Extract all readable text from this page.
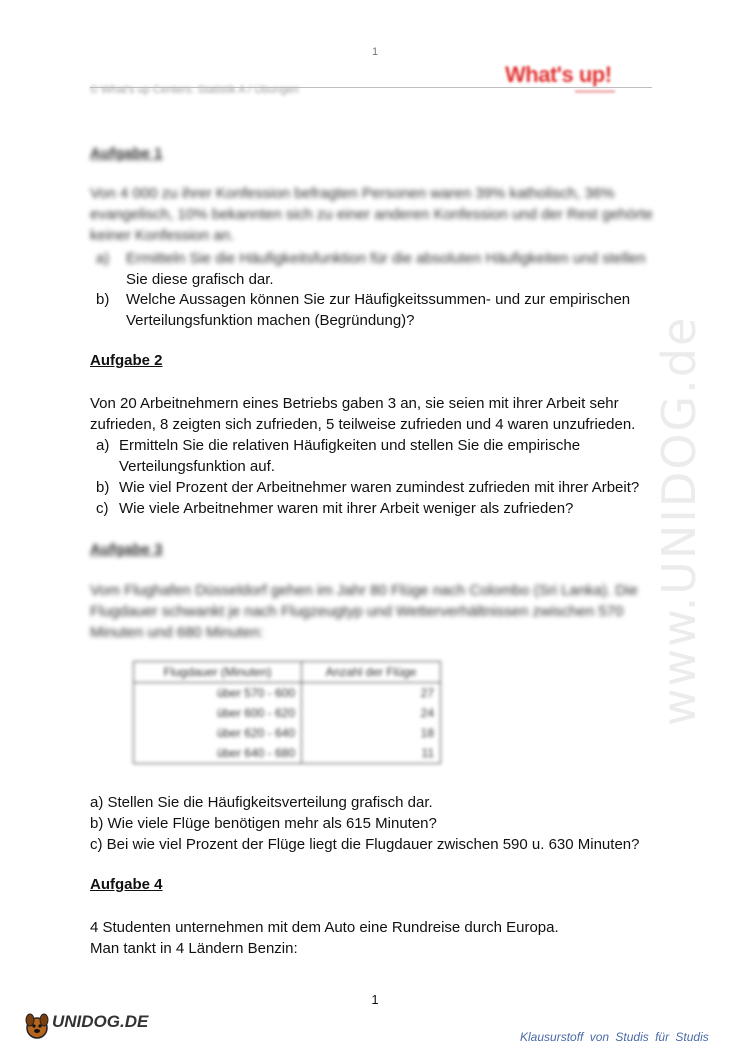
1
© What's up Centers: Statistik A / Übungen
What's up!
www.UNIDOG.de
Aufgabe 1
Von 4 000 zu ihrer Konfession befragten Personen waren 39% katholisch, 36% evangelisch, 10% bekannten sich zu einer anderen Konfession und der Rest gehörte keiner Konfession an.
a) Ermitteln Sie die Häufigkeitsfunktion für die absoluten Häufigkeiten und stellen
Sie diese grafisch dar.
b) Welche Aussagen können Sie zur Häufigkeitssummen- und zur empirischen
Verteilungsfunktion machen (Begründung)?
Aufgabe 2
Von 20 Arbeitnehmern eines Betriebs gaben 3 an, sie seien mit ihrer Arbeit sehr
zufrieden, 8 zeigten sich zufrieden, 5 teilweise zufrieden und 4 waren unzufrieden.
a) Ermitteln Sie die relativen Häufigkeiten und stellen Sie die empirische
Verteilungsfunktion auf.
b) Wie viel Prozent der Arbeitnehmer waren zumindest zufrieden mit ihrer Arbeit?
c) Wie viele Arbeitnehmer waren mit ihrer Arbeit weniger als zufrieden?
Aufgabe 3
Vom Flughafen Düsseldorf gehen im Jahr 80 Flüge nach Colombo (Sri Lanka). Die Flugdauer schwankt je nach Flugzeugtyp und Wetterverhältnissen zwischen 570 Minuten und 680 Minuten:
Flugdauer (Minuten)	Anzahl der Flüge
über 570 - 600	27
über 600 - 620	24
über 620 - 640	18
über 640 - 680	11
a) Stellen Sie die Häufigkeitsverteilung grafisch dar.
b) Wie viele Flüge benötigen mehr als 615 Minuten?
c) Bei wie viel Prozent der Flüge liegt die Flugdauer zwischen 590 u. 630 Minuten?
Aufgabe 4
4 Studenten unternehmen mit dem Auto eine Rundreise durch Europa.
Man tankt in 4 Ländern Benzin:
1
UNIDOG.DE
Klausurstoff von Studis für Studis
